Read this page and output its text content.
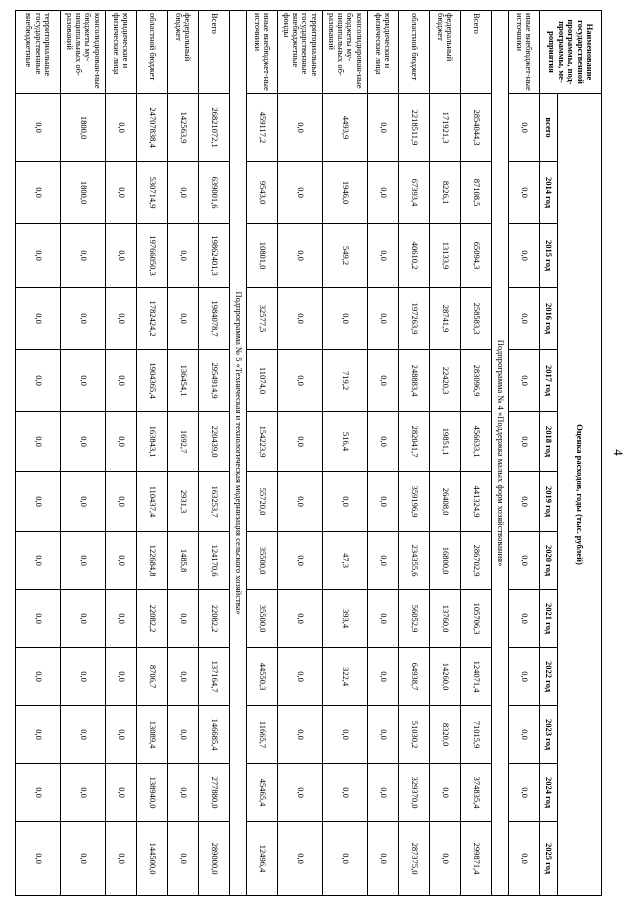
4
Наименование государственной программы, под-программы, ме-роприятия	Оценка расходов, годы (тыс. рублей)												
	всего	2014 год	2015 год	2016 год	2017 год	2018 год	2019 год	2020 год	2021 год	2022 год	2023 год	2024 год	2025 год
иные внебюджет-ные источники	0,0	0,0	0,0	0,0	0,0	0,0	0,0	0,0	0,0	0,0	0,0	0,0	0,0
Подпрограмма № 4 «Поддержка малых форм хозяйствования»													
Всего	2854044,3	87108,5	65094,3	258583,3	283096,9	456633,1	441324,9	286702,9	105706,3	124071,4	71015,9	374835,4	299871,4
федеральный бюджет	171921,3	8226,1	13133,9	28741,9	22420,3	19851,1	26408,0	16800,0	13760,0	14260,0	8320,0	0,0	0,0
областной бюджет	2218511,9	67393,4	40610,2	197263,9	248883,4	282041,7	359196,9	234355,6	56052,9	64938,7	51030,2	329370,0	287375,0
юридические и физические лица	0,0	0,0	0,0	0,0	0,0	0,0	0,0	0,0	0,0	0,0	0,0	0,0	0,0
консолидирован-ные бюджеты му-ниципальных об-разований	4493,9	1946,0	549,2	0,0	719,2	516,4	0,0	47,3	393,4	322,4	0,0	0,0	0,0
территориальные государственные внебюджетные фонды	0,0	0,0	0,0	0,0	0,0	0,0	0,0	0,0	0,0	0,0	0,0	0,0	0,0
иные внебюджет-ные источники	459117,2	9543,0	10801,0	32577,5	11074,0	154223,9	55720,0	35500,0	35500,0	44550,3	11665,7	45465,4	12496,4
Подпрограмма № 5 «Техническая и технологическая модернизация сельского хозяйства»													
Всего	26821072,1	639001,6	19862401,3	1984078,7	2954914,9	220439,0	163253,7	124170,6	22082,2	137164,7	146685,4	277880,0	289000,0
федеральный бюджет	142563,9	0,0	0,0	0,0	136454,1	1692,7	2931,3	1485,8	0,0	0,0	0,0	0,0	0,0
областной бюджет	24707838,4	530714,9	19766050,3	1782424,2	1904365,4	163843,1	110437,4	122684,8	22082,2	8706,7	13089,4	138940,0	144500,0
юридические и физические лица	0,0	0,0	0,0	0,0	0,0	0,0	0,0	0,0	0,0	0,0	0,0	0,0	0,0
консолидирован-ные бюджеты му-ниципальных об-разований	1800,0	1800,0	0,0	0,0	0,0	0,0	0,0	0,0	0,0	0,0	0,0	0,0	0,0
территориальные государственные внебюджетные	0,0	0,0	0,0	0,0	0,0	0,0	0,0	0,0	0,0	0,0	0,0	0,0	0,0
